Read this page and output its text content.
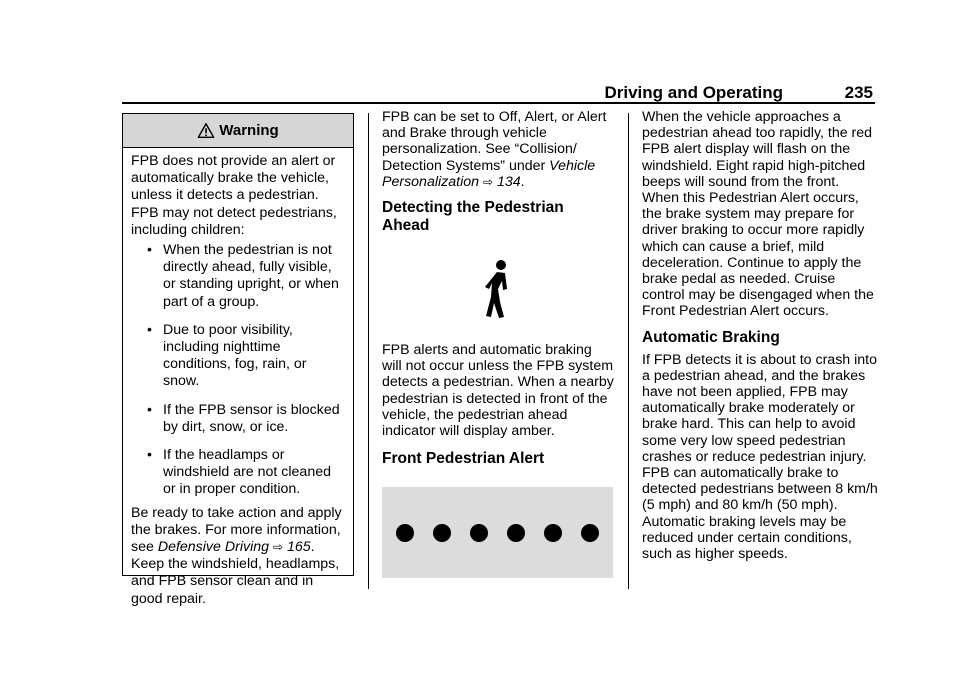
Driving and Operating	235
Warning

FPB does not provide an alert or automatically brake the vehicle, unless it detects a pedestrian. FPB may not detect pedestrians, including children:

• When the pedestrian is not directly ahead, fully visible, or standing upright, or when part of a group.
• Due to poor visibility, including nighttime conditions, fog, rain, or snow.
• If the FPB sensor is blocked by dirt, snow, or ice.
• If the headlamps or windshield are not cleaned or in proper condition.

Be ready to take action and apply the brakes. For more information, see Defensive Driving ⇨ 165. Keep the windshield, headlamps, and FPB sensor clean and in good repair.

FPB can be set to Off, Alert, or Alert and Brake through vehicle personalization. See “Collision/ Detection Systems” under Vehicle Personalization ⇨ 134.

Detecting the Pedestrian Ahead

FPB alerts and automatic braking will not occur unless the FPB system detects a pedestrian. When a nearby pedestrian is detected in front of the vehicle, the pedestrian ahead indicator will display amber.

Front Pedestrian Alert

When the vehicle approaches a pedestrian ahead too rapidly, the red FPB alert display will flash on the windshield. Eight rapid high-pitched beeps will sound from the front. When this Pedestrian Alert occurs, the brake system may prepare for driver braking to occur more rapidly which can cause a brief, mild deceleration. Continue to apply the brake pedal as needed. Cruise control may be disengaged when the Front Pedestrian Alert occurs.

Automatic Braking

If FPB detects it is about to crash into a pedestrian ahead, and the brakes have not been applied, FPB may automatically brake moderately or brake hard. This can help to avoid some very low speed pedestrian crashes or reduce pedestrian injury. FPB can automatically brake to detected pedestrians between 8 km/h (5 mph) and 80 km/h (50 mph). Automatic braking levels may be reduced under certain conditions, such as higher speeds.
